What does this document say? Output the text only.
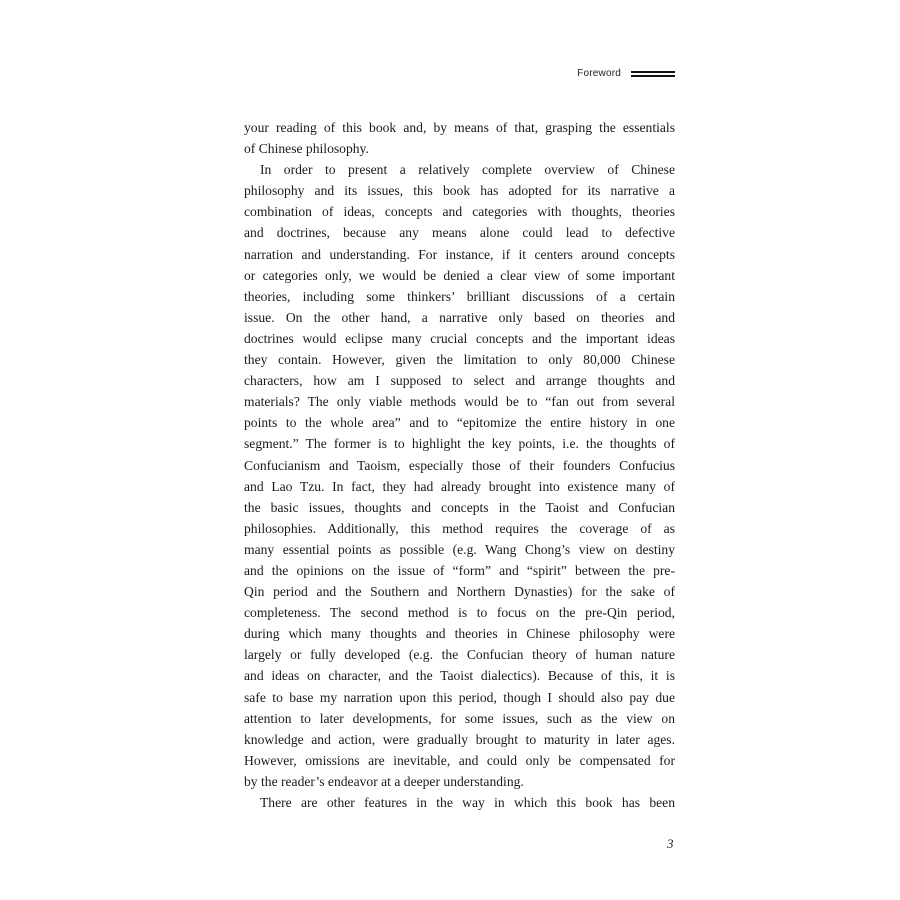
Foreword
your reading of this book and, by means of that, grasping the essentials
of Chinese philosophy.
In order to present a relatively complete overview of Chinese
philosophy and its issues, this book has adopted for its narrative a
combination of ideas, concepts and categories with thoughts, theories
and doctrines, because any means alone could lead to defective
narration and understanding. For instance, if it centers around concepts
or categories only, we would be denied a clear view of some important
theories, including some thinkers’ brilliant discussions of a certain
issue. On the other hand, a narrative only based on theories and
doctrines would eclipse many crucial concepts and the important ideas
they contain. However, given the limitation to only 80,000 Chinese
characters, how am I supposed to select and arrange thoughts and
materials? The only viable methods would be to “fan out from several
points to the whole area” and to “epitomize the entire history in one
segment.” The former is to highlight the key points, i.e. the thoughts of
Confucianism and Taoism, especially those of their founders Confucius
and Lao Tzu. In fact, they had already brought into existence many of
the basic issues, thoughts and concepts in the Taoist and Confucian
philosophies. Additionally, this method requires the coverage of as
many essential points as possible (e.g. Wang Chong’s view on destiny
and the opinions on the issue of “form” and “spirit” between the pre-
Qin period and the Southern and Northern Dynasties) for the sake of
completeness. The second method is to focus on the pre-Qin period,
during which many thoughts and theories in Chinese philosophy were
largely or fully developed (e.g. the Confucian theory of human nature
and ideas on character, and the Taoist dialectics). Because of this, it is
safe to base my narration upon this period, though I should also pay due
attention to later developments, for some issues, such as the view on
knowledge and action, were gradually brought to maturity in later ages.
However, omissions are inevitable, and could only be compensated for
by the reader’s endeavor at a deeper understanding.
There are other features in the way in which this book has been
3
